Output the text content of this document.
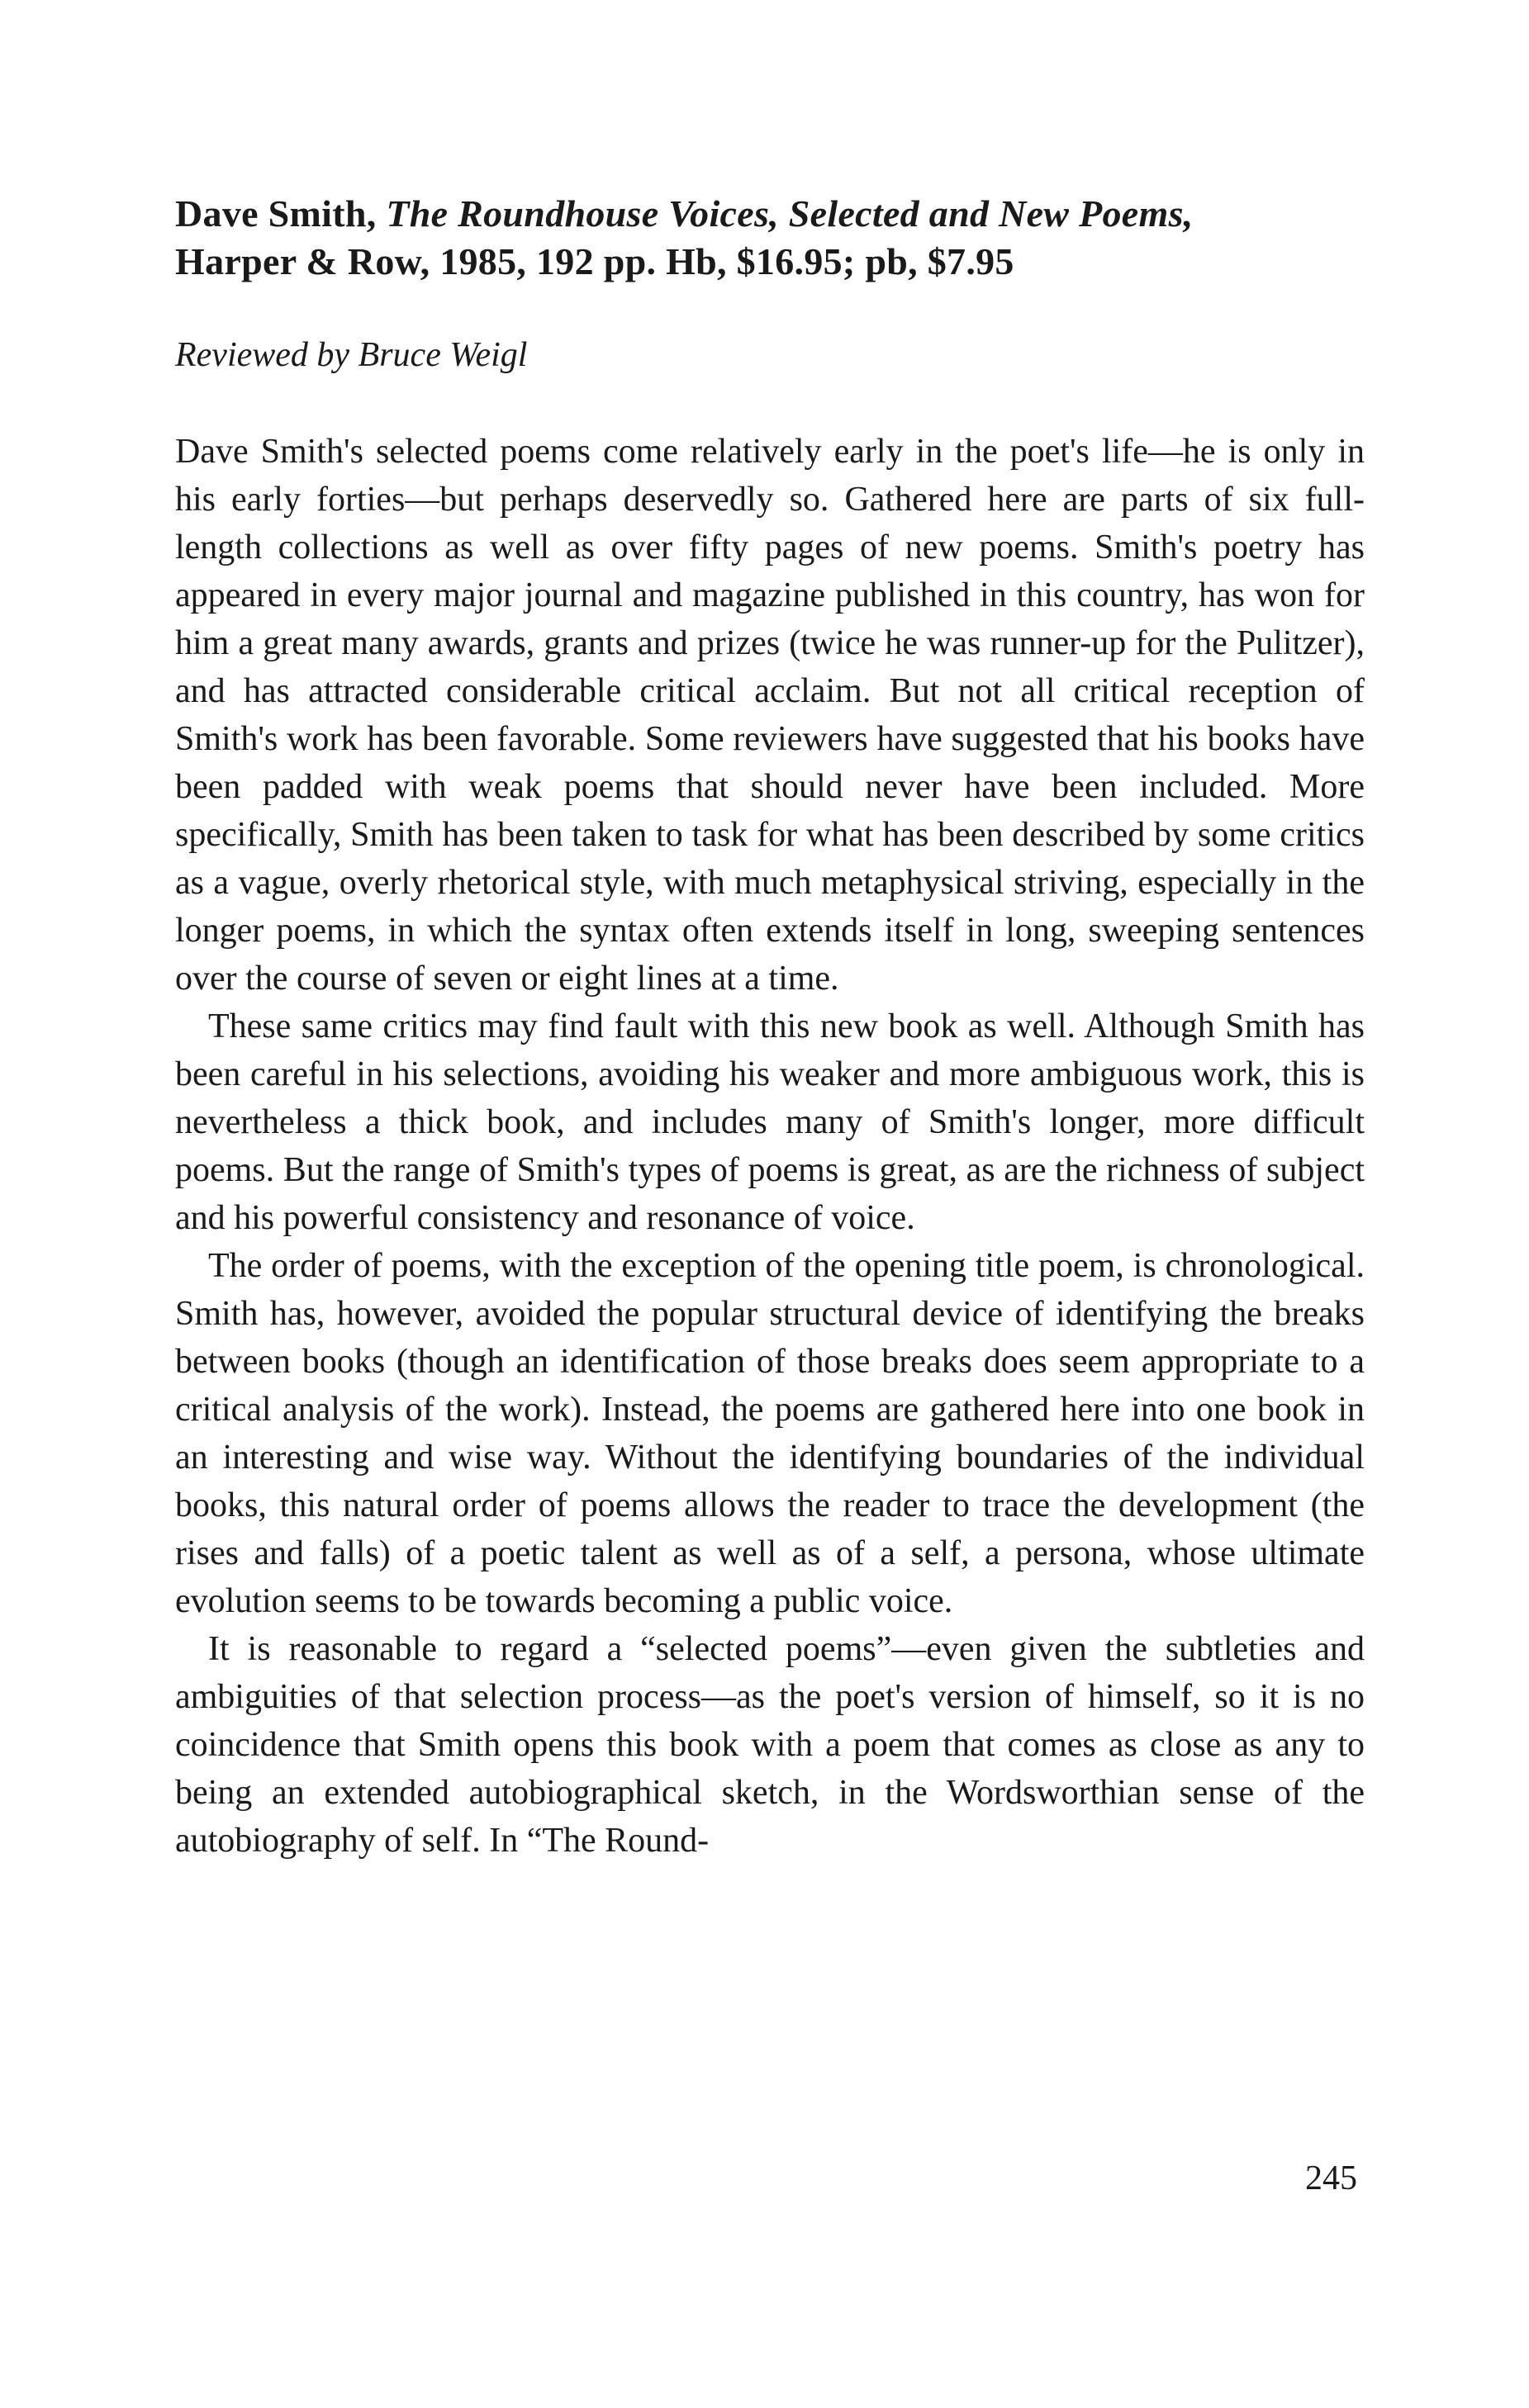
Dave Smith, The Roundhouse Voices, Selected and New Poems,
Harper & Row, 1985, 192 pp. Hb, $16.95; pb, $7.95
Reviewed by Bruce Weigl

Dave Smith's selected poems come relatively early in the poet's life—he is only in his early forties—but perhaps deservedly so. Gathered here are parts of six full-length collections as well as over fifty pages of new poems. Smith's poetry has appeared in every major journal and magazine published in this country, has won for him a great many awards, grants and prizes (twice he was runner-up for the Pulitzer), and has attracted considerable critical acclaim. But not all critical reception of Smith's work has been favorable. Some reviewers have suggested that his books have been padded with weak poems that should never have been included. More specifically, Smith has been taken to task for what has been described by some critics as a vague, overly rhetorical style, with much metaphysical striving, especially in the longer poems, in which the syntax often extends itself in long, sweeping sentences over the course of seven or eight lines at a time.

These same critics may find fault with this new book as well. Although Smith has been careful in his selections, avoiding his weaker and more ambiguous work, this is nevertheless a thick book, and includes many of Smith's longer, more difficult poems. But the range of Smith's types of poems is great, as are the richness of subject and his powerful consistency and resonance of voice.

The order of poems, with the exception of the opening title poem, is chronological. Smith has, however, avoided the popular structural device of identifying the breaks between books (though an identification of those breaks does seem appropriate to a critical analysis of the work). Instead, the poems are gathered here into one book in an interesting and wise way. Without the identifying boundaries of the individual books, this natural order of poems allows the reader to trace the development (the rises and falls) of a poetic talent as well as of a self, a persona, whose ultimate evolution seems to be towards becoming a public voice.

It is reasonable to regard a “selected poems”—even given the subtleties and ambiguities of that selection process—as the poet's version of himself, so it is no coincidence that Smith opens this book with a poem that comes as close as any to being an extended autobiographical sketch, in the Wordsworthian sense of the autobiography of self. In “The Round-

245
